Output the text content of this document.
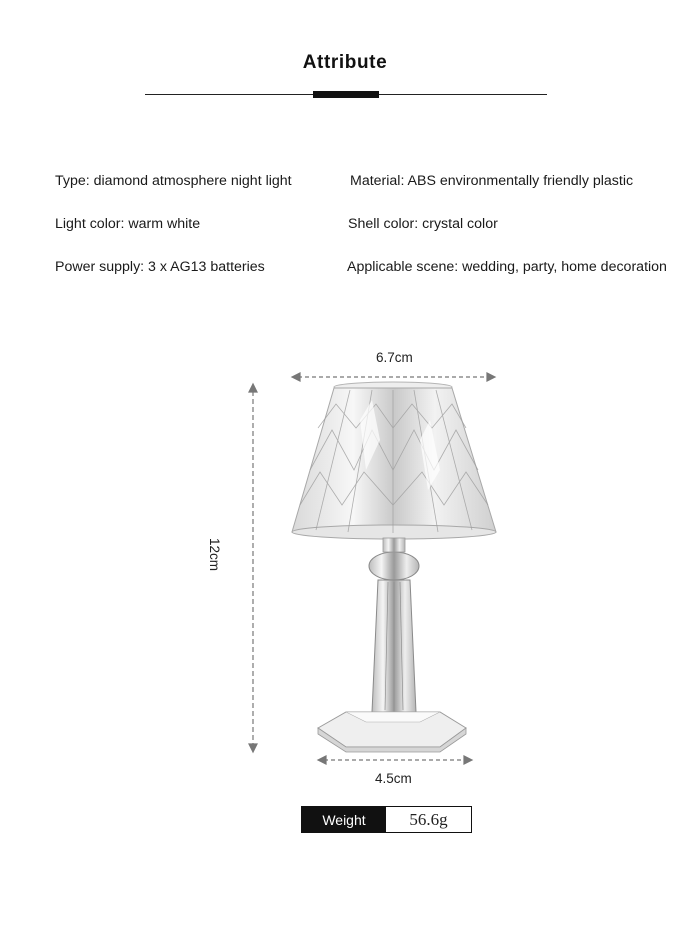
Attribute
Type: diamond atmosphere night light	Material: ABS environmentally friendly plastic
Light color: warm white	Shell color: crystal color
Power supply: 3 x AG13 batteries	Applicable scene: wedding, party, home decoration
6.7cm
12cm
4.5cm
Weight	56.6g
